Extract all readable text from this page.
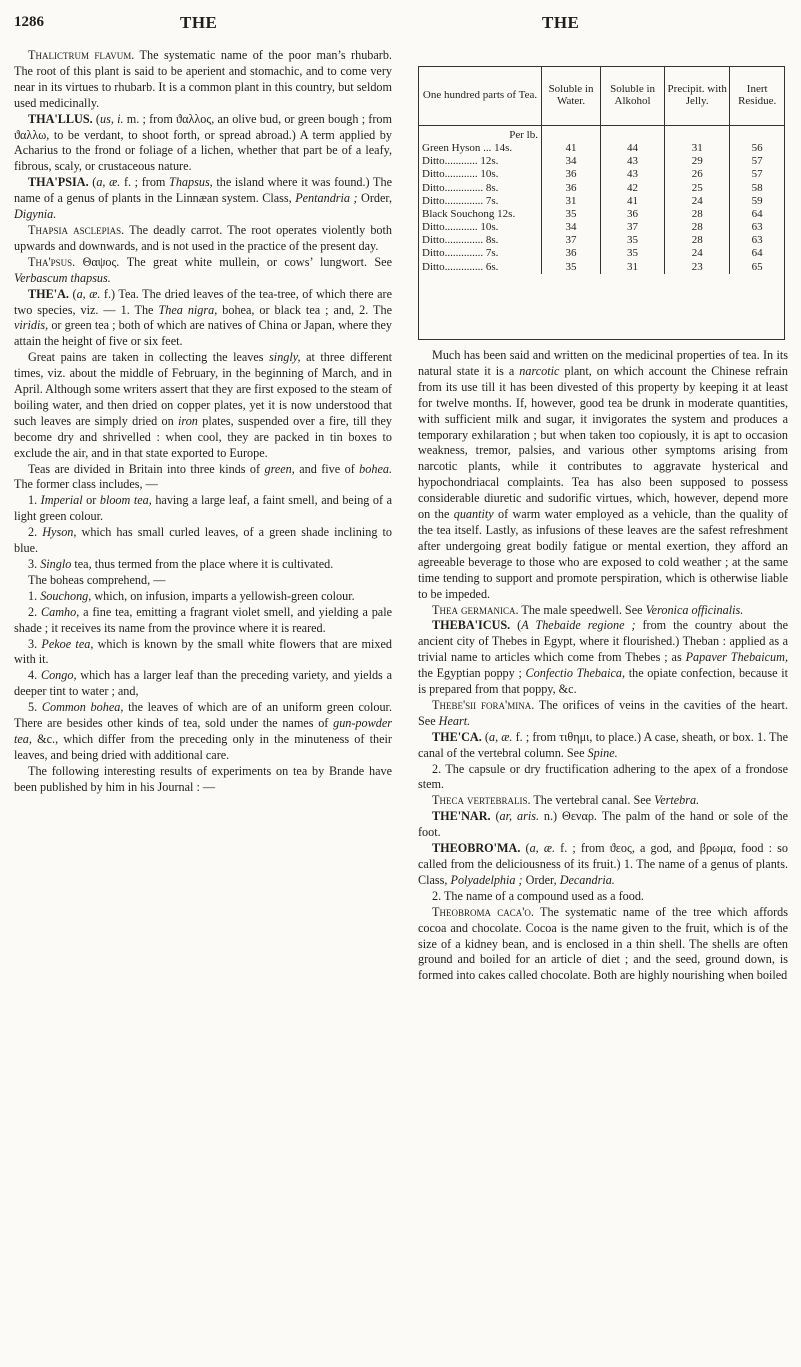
1286	THE	THE

Thalictrum flavum. The systematic name of the poor man’s rhubarb. The root of this plant is said to be aperient and stomachic, and to come very near in its virtues to rhubarb. It is a common plant in this country, but seldom used medicinally.

THA'LLUS. (us, i. m. ; from ϑαλλος, an olive bud, or green bough ; from ϑαλλω, to be verdant, to shoot forth, or spread abroad.) A term applied by Acharius to the frond or foliage of a lichen, whether that part be of a leafy, fibrous, scaly, or crustaceous nature.

THA'PSIA. (a, æ. f. ; from Thapsus, the island where it was found.) The name of a genus of plants in the Linnæan system. Class, Pentandria ; Order, Digynia.

Thapsia asclepias. The deadly carrot. The root operates violently both upwards and downwards, and is not used in the practice of the present day.

Tha'psus. Θαψος. The great white mullein, or cows’ lungwort. See Verbascum thapsus.

THE'A. (a, æ. f.) Tea. The dried leaves of the tea-tree, of which there are two species, viz. — 1. The Thea nigra, bohea, or black tea ; and, 2. The viridis, or green tea ; both of which are natives of China or Japan, where they attain the height of five or six feet.

Great pains are taken in collecting the leaves singly, at three different times, viz. about the middle of February, in the beginning of March, and in April. Although some writers assert that they are first exposed to the steam of boiling water, and then dried on copper plates, yet it is now understood that such leaves are simply dried on iron plates, suspended over a fire, till they become dry and shrivelled : when cool, they are packed in tin boxes to exclude the air, and in that state exported to Europe.

Teas are divided in Britain into three kinds of green, and five of bohea. The former class includes, —

1. Imperial or bloom tea, having a large leaf, a faint smell, and being of a light green colour.

2. Hyson, which has small curled leaves, of a green shade inclining to blue.

3. Singlo tea, thus termed from the place where it is cultivated.

The boheas comprehend, —

1. Souchong, which, on infusion, imparts a yellowish-green colour.

2. Camho, a fine tea, emitting a fragrant violet smell, and yielding a pale shade ; it receives its name from the province where it is reared.

3. Pekoe tea, which is known by the small white flowers that are mixed with it.

4. Congo, which has a larger leaf than the preceding variety, and yields a deeper tint to water ; and,

5. Common bohea, the leaves of which are of an uniform green colour. There are besides other kinds of tea, sold under the names of gun-powder tea, &c., which differ from the preceding only in the minuteness of their leaves, and being dried with additional care.

The following interesting results of experiments on tea by Brande have been published by him in his Journal : —

One hundred parts of Tea.	Soluble in Water.	Soluble in Alkohol	Precipit. with Jelly.	Inert Residue.
Per lb.				
Green Hyson ... 14s.	41	44	31	56
Ditto............ 12s.	34	43	29	57
Ditto............ 10s.	36	43	26	57
Ditto.............. 8s.	36	42	25	58
Ditto.............. 7s.	31	41	24	59
Black Souchong 12s.	35	36	28	64
Ditto............ 10s.	34	37	28	63
Ditto.............. 8s.	37	35	28	63
Ditto.............. 7s.	36	35	24	64
Ditto.............. 6s.	35	31	23	65

Much has been said and written on the medicinal properties of tea. In its natural state it is a narcotic plant, on which account the Chinese refrain from its use till it has been divested of this property by keeping it at least for twelve months. If, however, good tea be drunk in moderate quantities, with sufficient milk and sugar, it invigorates the system and produces a temporary exhilaration ; but when taken too copiously, it is apt to occasion weakness, tremor, palsies, and various other symptoms arising from narcotic plants, while it contributes to aggravate hysterical and hypochondriacal complaints. Tea has also been supposed to possess considerable diuretic and sudorific virtues, which, however, depend more on the quantity of warm water employed as a vehicle, than the quality of the tea itself. Lastly, as infusions of these leaves are the safest refreshment after undergoing great bodily fatigue or mental exertion, they afford an agreeable beverage to those who are exposed to cold weather ; at the same time tending to support and promote perspiration, which is otherwise liable to be impeded.

Thea germanica. The male speedwell. See Veronica officinalis.

THEBA'ICUS. (A Thebaide regione ; from the country about the ancient city of Thebes in Egypt, where it flourished.) Theban : applied as a trivial name to articles which come from Thebes ; as Papaver Thebaicum, the Egyptian poppy ; Confectio Thebaica, the opiate confection, because it is prepared from that poppy, &c.

Thebe'sii fora'mina. The orifices of veins in the cavities of the heart. See Heart.

THE'CA. (a, æ. f. ; from τιθημι, to place.) A case, sheath, or box. 1. The canal of the vertebral column. See Spine.

2. The capsule or dry fructification adhering to the apex of a frondose stem.

Theca vertebralis. The vertebral canal. See Vertebra.

THE'NAR. (ar, aris. n.) Θεναρ. The palm of the hand or sole of the foot.

THEOBRO'MA. (a, æ. f. ; from ϑεος, a god, and βρωμα, food : so called from the deliciousness of its fruit.) 1. The name of a genus of plants. Class, Polyadelphia ; Order, Decandria.

2. The name of a compound used as a food.

Theobroma caca'o. The systematic name of the tree which affords cocoa and chocolate. Cocoa is the name given to the fruit, which is of the size of a kidney bean, and is enclosed in a thin shell. The shells are often ground and boiled for an article of diet ; and the seed, ground down, is formed into cakes called chocolate. Both are highly nourishing when boiled
